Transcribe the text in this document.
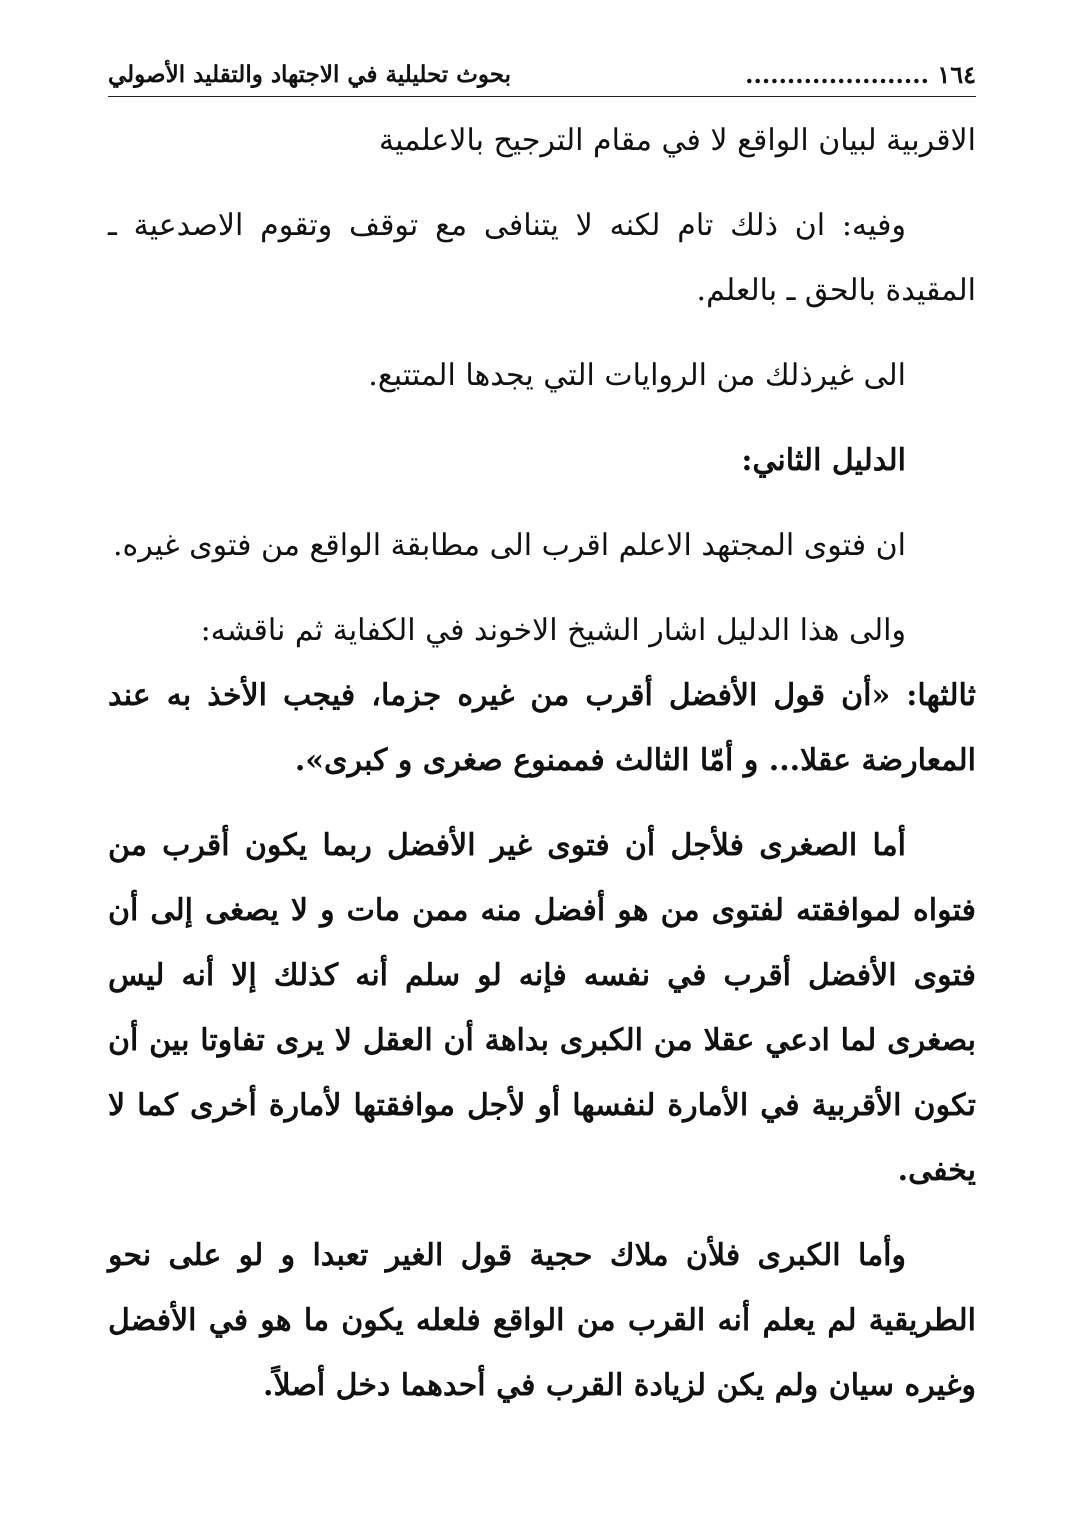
بحوث تحليلية في الاجتهاد والتقليد الأصولي	١٦٤ ......................

الاقربية لبيان الواقع لا في مقام الترجيح بالاعلمية

وفيه: ان ذلك تام لكنه لا يتنافى مع توقف وتقوم الاصدعية ـ المقيدة بالحق ـ بالعلم.

الى غيرذلك من الروايات التي يجدها المتتبع.

الدليل الثاني:

ان فتوى المجتهد الاعلم اقرب الى مطابقة الواقع من فتوى غيره.

والى هذا الدليل اشار الشيخ الاخوند في الكفاية ثم ناقشه:

ثالثها: «أن قول الأفضل أقرب من غيره جزما، فيجب الأخذ به عند المعارضة عقلا... و أمّا الثالث فممنوع صغرى و كبرى».

أما الصغرى فلأجل أن فتوى غير الأفضل ربما يكون أقرب من فتواه لموافقته لفتوى من هو أفضل منه ممن مات و لا يصغى إلى أن فتوى الأفضل أقرب في نفسه فإنه لو سلم أنه كذلك إلا أنه ليس بصغرى لما ادعي عقلا من الكبرى بداهة أن العقل لا يرى تفاوتا بين أن تكون الأقربية في الأمارة لنفسها أو لأجل موافقتها لأمارة أخرى كما لا يخفى.

وأما الكبرى فلأن ملاك حجية قول الغير تعبدا و لو على نحو الطريقية لم يعلم أنه القرب من الواقع فلعله يكون ما هو في الأفضل وغيره سيان ولم يكن لزيادة القرب في أحدهما دخل أصلاً.
